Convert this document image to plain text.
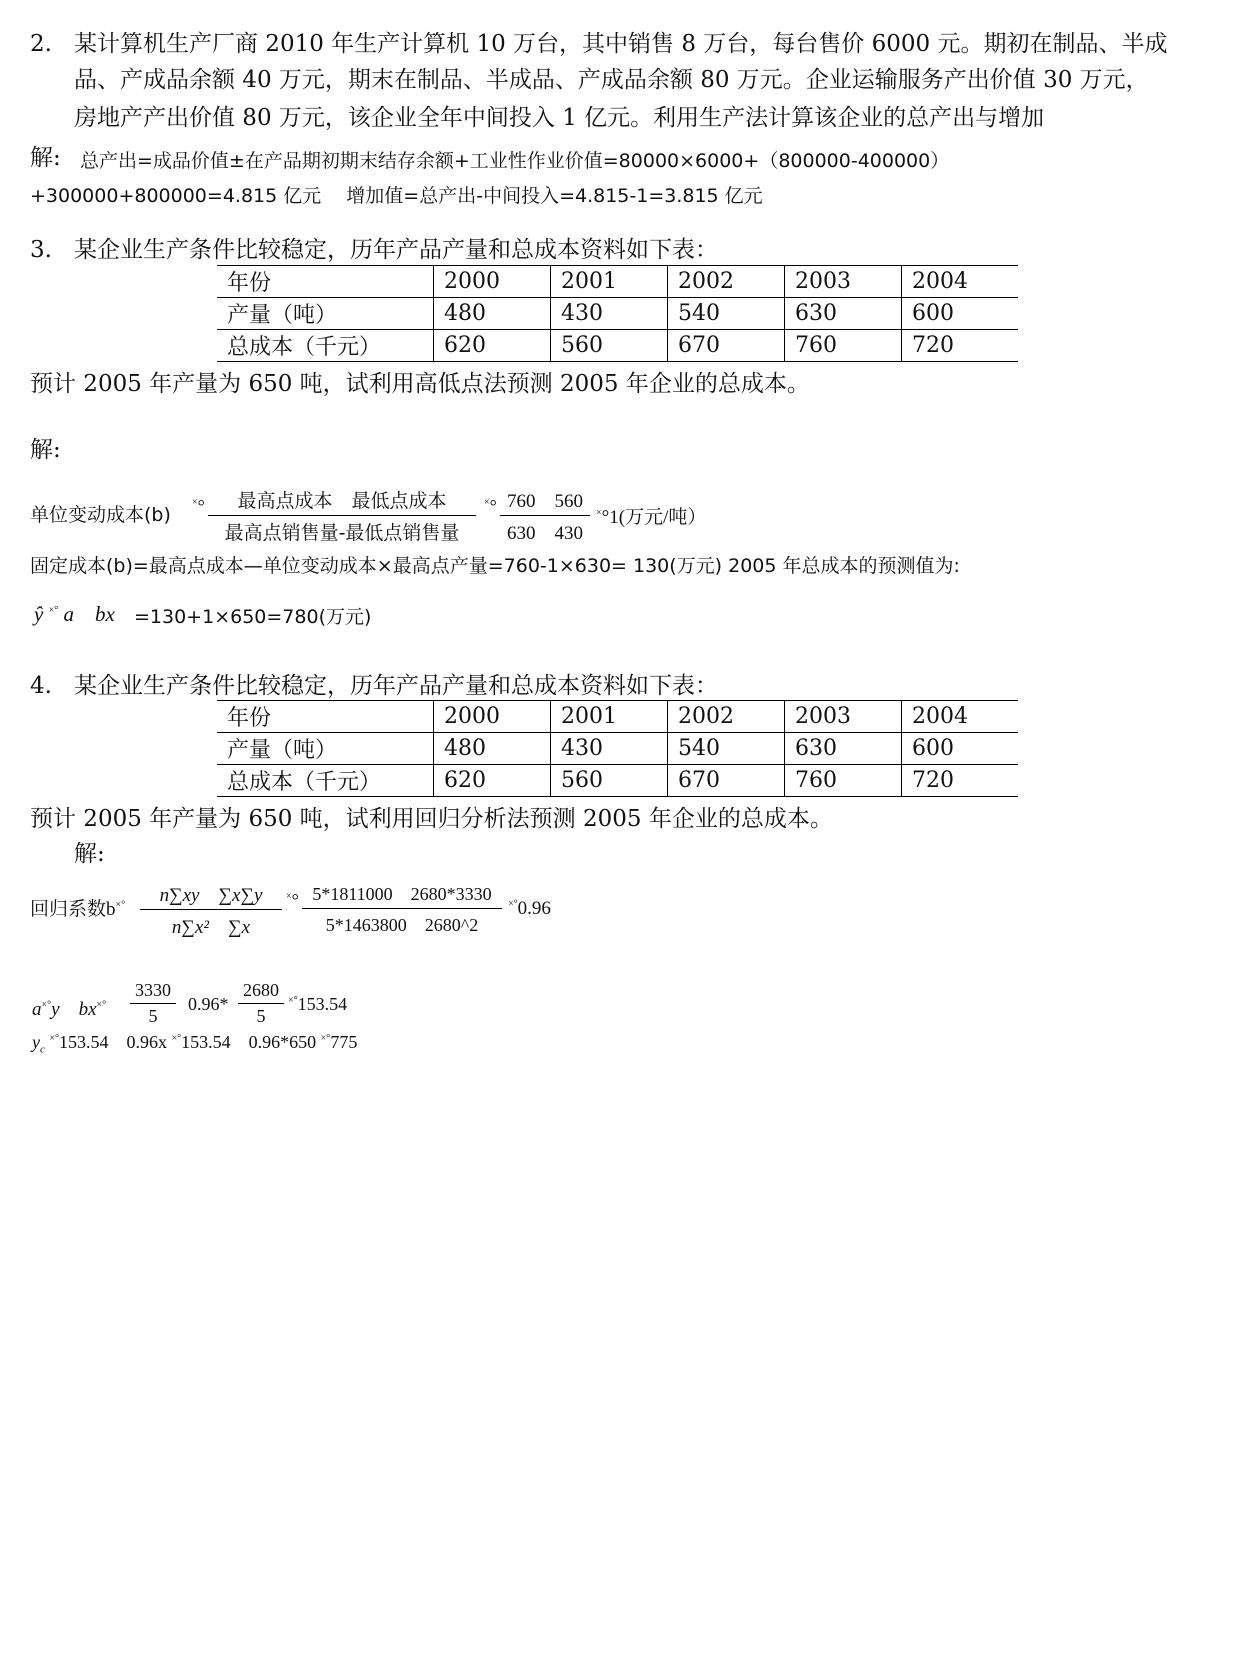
2. 某计算机生产厂商 2010 年生产计算机 10 万台，其中销售 8 万台，每台售价 6000 元。期初在制品、半成
品、产成品余额 40 万元，期末在制品、半成品、产成品余额 80 万元。企业运输服务产出价值 30 万元，
房地产产出价值 80 万元，该企业全年中间投入 1 亿元。利用生产法计算该企业的总产出与增加
解: 总产出=成品价值±在产品期初期末结存余额+工业性作业价值=80000×6000+（800000-400000）
+300000+800000=4.815 亿元　 增加值=总产出-中间投入=4.815-1=3.815 亿元
3. 某企业生产条件比较稳定，历年产品产量和总成本资料如下表：
年份	2000	2001	2002	2003	2004
产量（吨）	480	430	540	630	600
总成本（千元）	620	560	670	760	720
预计 2005 年产量为 650 吨，试利用高低点法预测 2005 年企业的总成本。
解:
单位变动成本(b)
×°	最高点成本　最低点成本
最高点销售量-最低点销售量
×° 760　560
630　430
×°1(万元/吨）
固定成本(b)=最高点成本—单位变动成本×最高点产量=760-1×630= 130(万元) 2005 年总成本的预测值为:
ŷ ×° a　bx =130+1×650=780(万元)
4. 某企业生产条件比较稳定，历年产品产量和总成本资料如下表：
年份	2000	2001	2002	2003	2004
产量（吨）	480	430	540	630	600
总成本（千元）	620	560	670	760	720
预计 2005 年产量为 650 吨，试利用回归分析法预测 2005 年企业的总成本。
解:
回归系数b×°	n∑xy　∑x∑y
n∑x²　∑x
×° 5*1811000　2680*3330
5*1463800　2680^2
×°0.96
a×°y　bx×°
3330
5
0.96*
2680
5
×°153.54
$y_c$ ×°153.54　0.96x ×°153.54　0.96*650 ×°775
